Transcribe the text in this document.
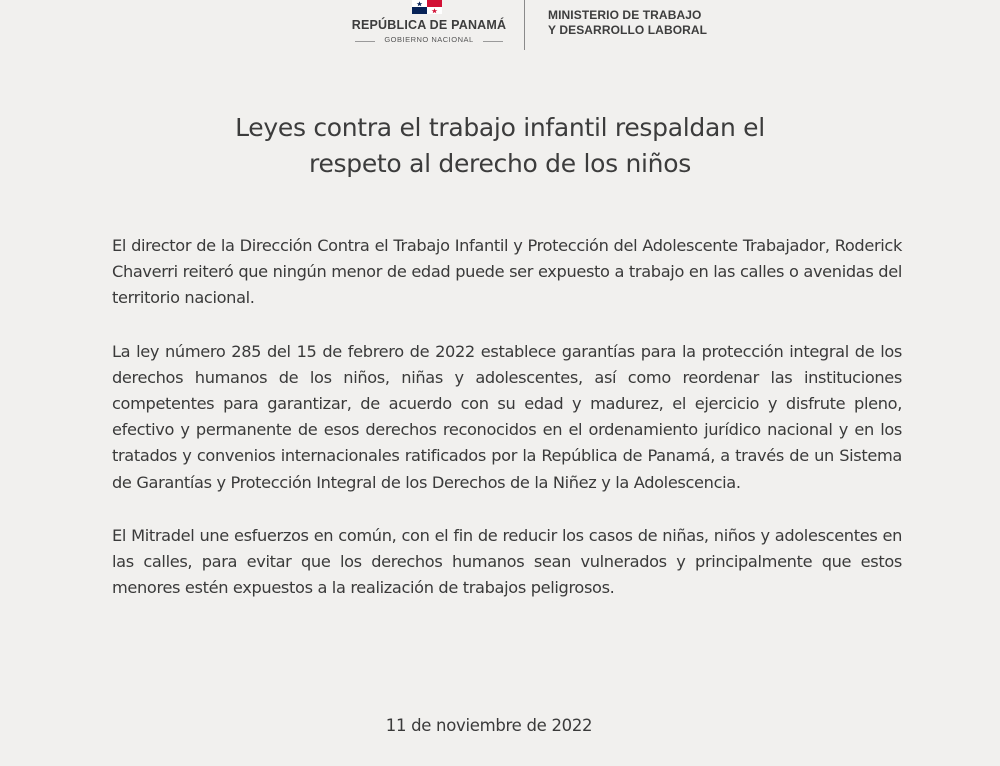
REPÚBLICA DE PANAMÁ
GOBIERNO NACIONAL
MINISTERIO DE TRABAJO
Y DESARROLLO LABORAL
Leyes contra el trabajo infantil respaldan el
respeto al derecho de los niños

El director de la Dirección Contra el Trabajo Infantil y Protección del Adolescente Trabajador, Roderick Chaverri reiteró que ningún menor de edad puede ser expuesto a trabajo en las calles o avenidas del territorio nacional.

La ley número 285 del 15 de febrero de 2022 establece garantías para la protección integral de los derechos humanos de los niños, niñas y adolescentes, así como reordenar las instituciones competentes para garantizar, de acuerdo con su edad y madurez, el ejercicio y disfrute pleno, efectivo y permanente de esos derechos reconocidos en el ordenamiento jurídico nacional y en los tratados y convenios internacionales ratificados por la República de Panamá, a través de un Sistema de Garantías y Protección Integral de los Derechos de la Niñez y la Adolescencia.

El Mitradel une esfuerzos en común, con el fin de reducir los casos de niñas, niños y adolescentes en las calles, para evitar que los derechos humanos sean vulnerados y principalmente que estos menores estén expuestos a la realización de trabajos peligrosos.

11 de noviembre de 2022
